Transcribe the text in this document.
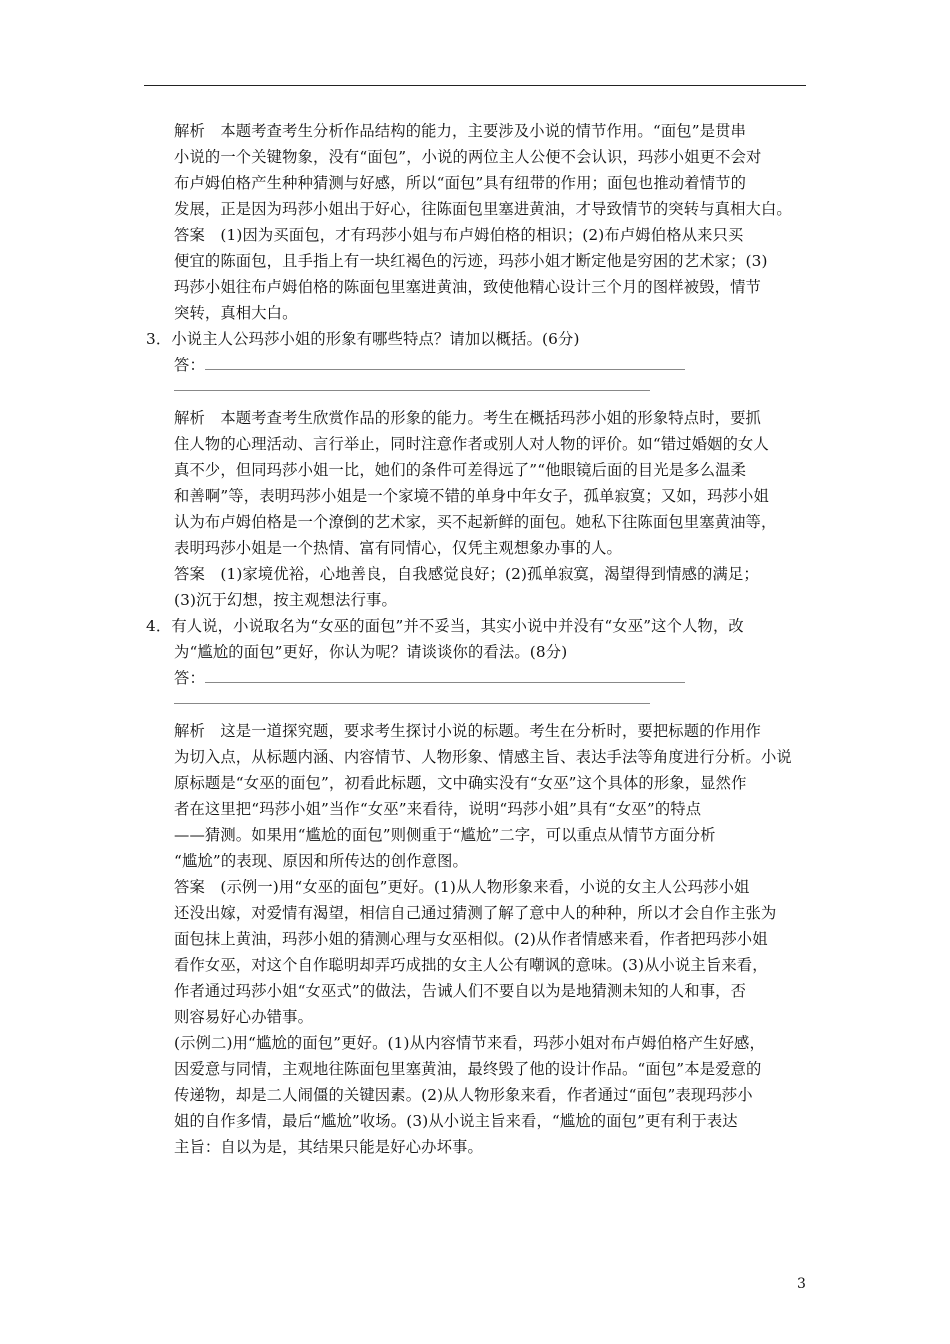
解析　本题考查考生分析作品结构的能力，主要涉及小说的情节作用。“面包”是贯串
小说的一个关键物象，没有“面包”，小说的两位主人公便不会认识，玛莎小姐更不会对
布卢姆伯格产生种种猜测与好感，所以“面包”具有纽带的作用；面包也推动着情节的
发展，正是因为玛莎小姐出于好心，往陈面包里塞进黄油，才导致情节的突转与真相大白。
答案　(1)因为买面包，才有玛莎小姐与布卢姆伯格的相识；(2)布卢姆伯格从来只买
便宜的陈面包，且手指上有一块红褐色的污迹，玛莎小姐才断定他是穷困的艺术家；(3)
玛莎小姐往布卢姆伯格的陈面包里塞进黄油，致使他精心设计三个月的图样被毁，情节
突转，真相大白。
3．小说主人公玛莎小姐的形象有哪些特点？请加以概括。(6分)
答：
解析　本题考查考生欣赏作品的形象的能力。考生在概括玛莎小姐的形象特点时，要抓
住人物的心理活动、言行举止，同时注意作者或别人对人物的评价。如“错过婚姻的女人
真不少，但同玛莎小姐一比，她们的条件可差得远了”“他眼镜后面的目光是多么温柔
和善啊”等，表明玛莎小姐是一个家境不错的单身中年女子，孤单寂寞；又如，玛莎小姐
认为布卢姆伯格是一个潦倒的艺术家，买不起新鲜的面包。她私下往陈面包里塞黄油等，
表明玛莎小姐是一个热情、富有同情心，仅凭主观想象办事的人。
答案　(1)家境优裕，心地善良，自我感觉良好；(2)孤单寂寞，渴望得到情感的满足；
(3)沉于幻想，按主观想法行事。
4．有人说，小说取名为“女巫的面包”并不妥当，其实小说中并没有“女巫”这个人物，改
为“尴尬的面包”更好，你认为呢？请谈谈你的看法。(8分)
答：
解析　这是一道探究题，要求考生探讨小说的标题。考生在分析时，要把标题的作用作
为切入点，从标题内涵、内容情节、人物形象、情感主旨、表达手法等角度进行分析。小说
原标题是“女巫的面包”，初看此标题，文中确实没有“女巫”这个具体的形象，显然作
者在这里把“玛莎小姐”当作“女巫”来看待，说明“玛莎小姐”具有“女巫”的特点
——猜测。如果用“尴尬的面包”则侧重于“尴尬”二字，可以重点从情节方面分析
“尴尬”的表现、原因和所传达的创作意图。
答案　(示例一)用“女巫的面包”更好。(1)从人物形象来看，小说的女主人公玛莎小姐
还没出嫁，对爱情有渴望，相信自己通过猜测了解了意中人的种种，所以才会自作主张为
面包抹上黄油，玛莎小姐的猜测心理与女巫相似。(2)从作者情感来看，作者把玛莎小姐
看作女巫，对这个自作聪明却弄巧成拙的女主人公有嘲讽的意味。(3)从小说主旨来看，
作者通过玛莎小姐“女巫式”的做法，告诫人们不要自以为是地猜测未知的人和事，否
则容易好心办错事。
(示例二)用“尴尬的面包”更好。(1)从内容情节来看，玛莎小姐对布卢姆伯格产生好感，
因爱意与同情，主观地往陈面包里塞黄油，最终毁了他的设计作品。“面包”本是爱意的
传递物，却是二人闹僵的关键因素。(2)从人物形象来看，作者通过“面包”表现玛莎小
姐的自作多情，最后“尴尬”收场。(3)从小说主旨来看，“尴尬的面包”更有利于表达
主旨：自以为是，其结果只能是好心办坏事。
3
